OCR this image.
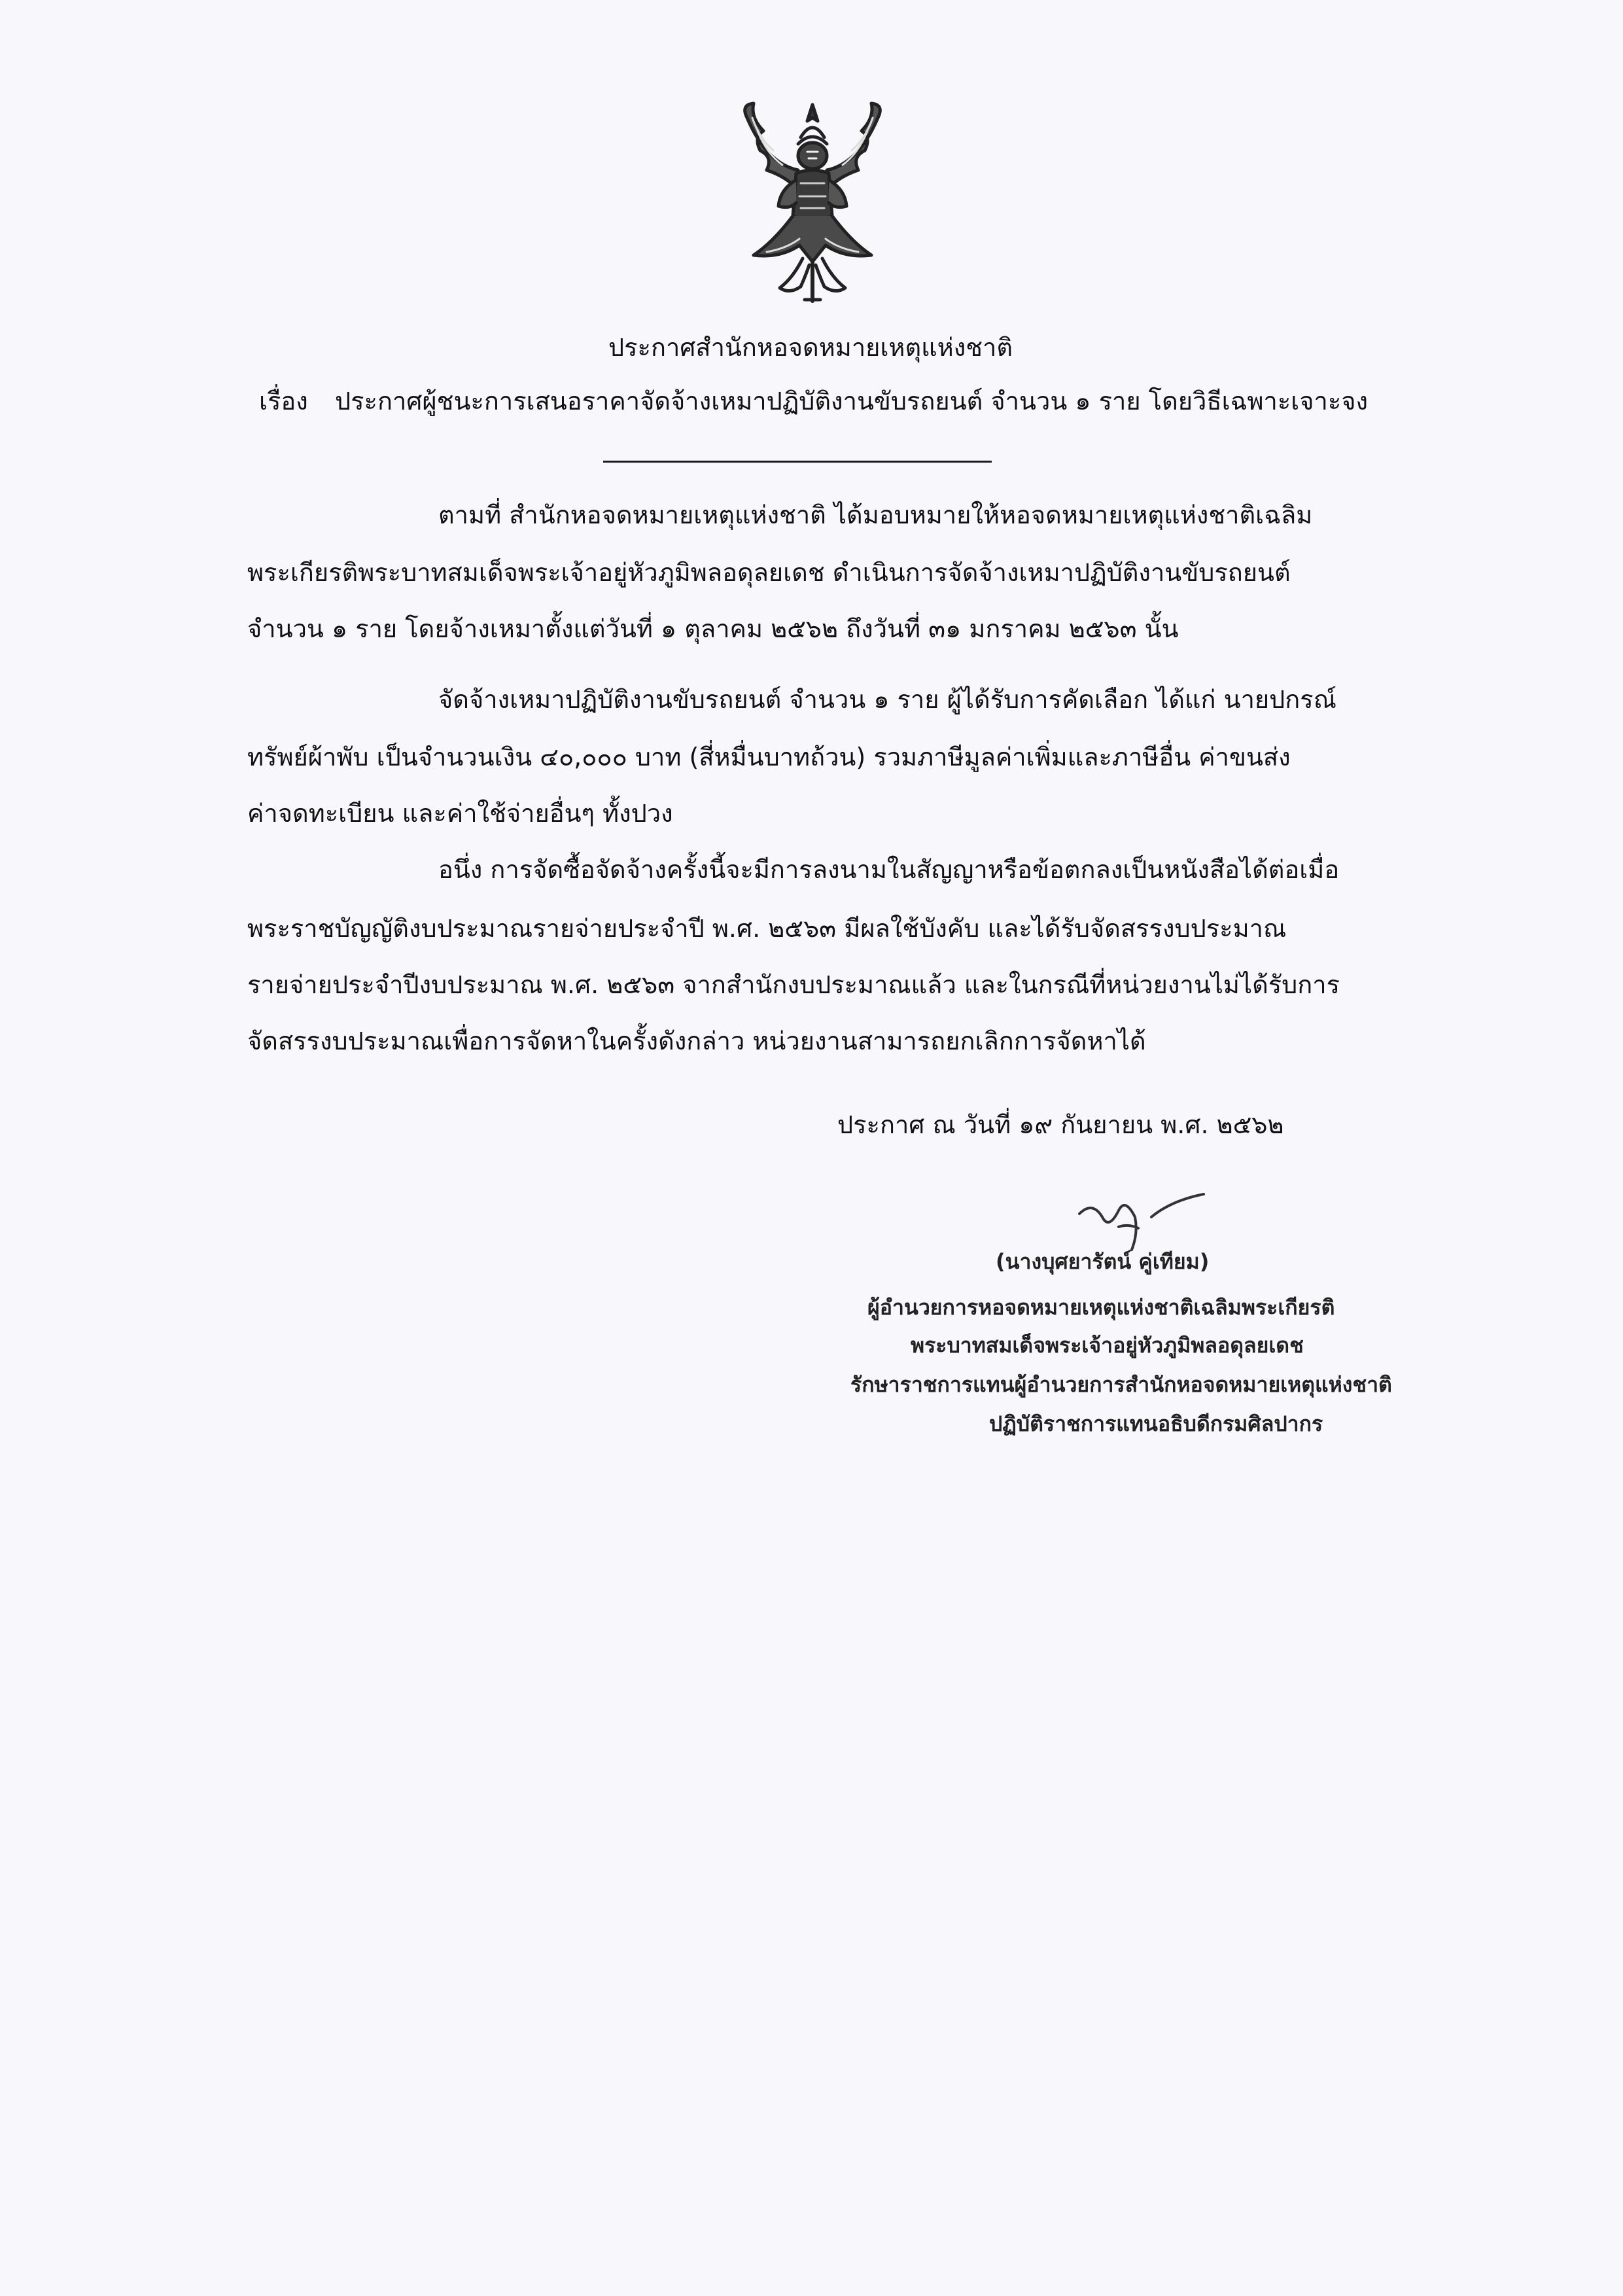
ประกาศสำนักหอจดหมายเหตุแห่งชาติ
เรื่อง ประกาศผู้ชนะการเสนอราคาจัดจ้างเหมาปฏิบัติงานขับรถยนต์ จำนวน ๑ ราย โดยวิธีเฉพาะเจาะจง
ตามที่ สำนักหอจดหมายเหตุแห่งชาติ ได้มอบหมายให้หอจดหมายเหตุแห่งชาติเฉลิม
พระเกียรติพระบาทสมเด็จพระเจ้าอยู่หัวภูมิพลอดุลยเดช ดำเนินการจัดจ้างเหมาปฏิบัติงานขับรถยนต์
จำนวน ๑ ราย โดยจ้างเหมาตั้งแต่วันที่ ๑ ตุลาคม ๒๕๖๒ ถึงวันที่ ๓๑ มกราคม ๒๕๖๓ นั้น
จัดจ้างเหมาปฏิบัติงานขับรถยนต์ จำนวน ๑ ราย ผู้ได้รับการคัดเลือก ได้แก่ นายปกรณ์
ทรัพย์ผ้าพับ เป็นจำนวนเงิน ๔๐,๐๐๐ บาท (สี่หมื่นบาทถ้วน) รวมภาษีมูลค่าเพิ่มและภาษีอื่น ค่าขนส่ง
ค่าจดทะเบียน และค่าใช้จ่ายอื่นๆ ทั้งปวง
อนึ่ง การจัดซื้อจัดจ้างครั้งนี้จะมีการลงนามในสัญญาหรือข้อตกลงเป็นหนังสือได้ต่อเมื่อ
พระราชบัญญัติงบประมาณรายจ่ายประจำปี พ.ศ. ๒๕๖๓ มีผลใช้บังคับ และได้รับจัดสรรงบประมาณ
รายจ่ายประจำปีงบประมาณ พ.ศ. ๒๕๖๓ จากสำนักงบประมาณแล้ว และในกรณีที่หน่วยงานไม่ได้รับการ
จัดสรรงบประมาณเพื่อการจัดหาในครั้งดังกล่าว หน่วยงานสามารถยกเลิกการจัดหาได้
ประกาศ ณ วันที่ ๑๙ กันยายน พ.ศ. ๒๕๖๒
(นางบุศยารัตน์ คู่เทียม)
ผู้อำนวยการหอจดหมายเหตุแห่งชาติเฉลิมพระเกียรติ
พระบาทสมเด็จพระเจ้าอยู่หัวภูมิพลอดุลยเดช
รักษาราชการแทนผู้อำนวยการสำนักหอจดหมายเหตุแห่งชาติ
ปฏิบัติราชการแทนอธิบดีกรมศิลปากร
